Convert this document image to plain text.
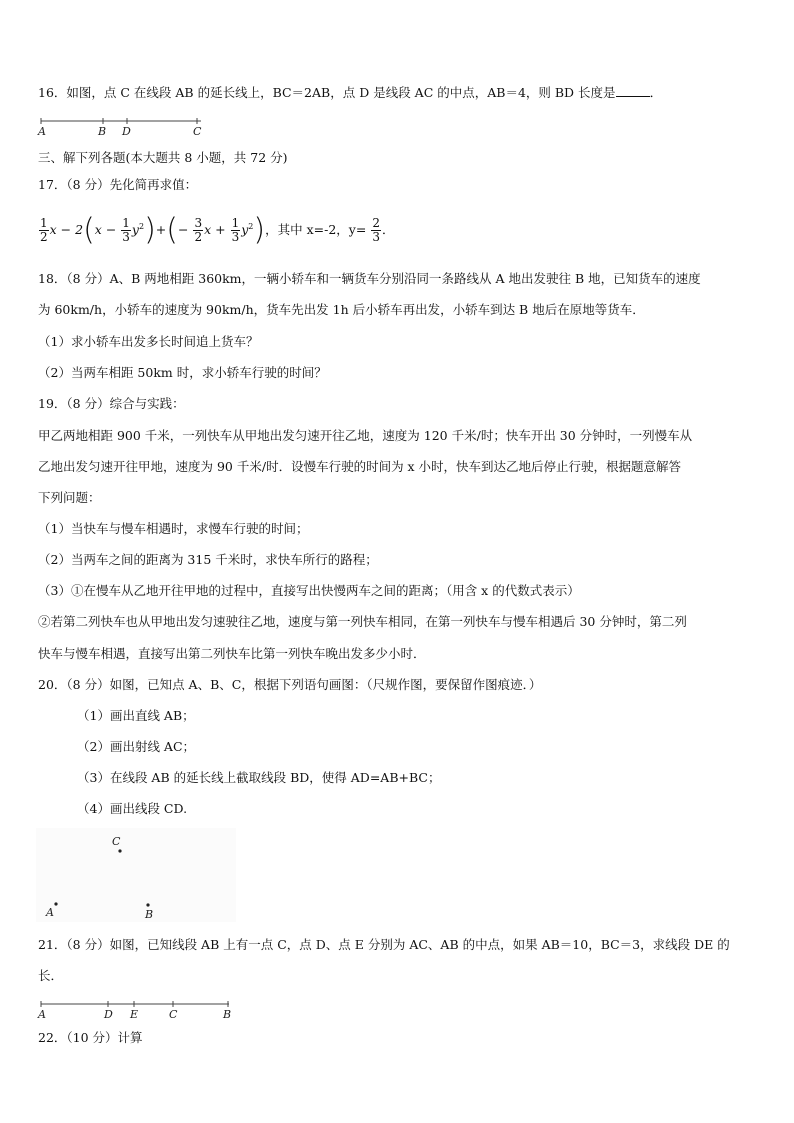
16．如图，点 C 在线段 AB 的延长线上，BC＝2AB，点 D 是线段 AC 的中点，AB＝4，则 BD 长度是	．
A	B D	C
三、解下列各题(本大题共 8 小题，共 72 分)
17．（8 分）先化简再求值：
$\frac{1}{2}$ $x - 2(x - \frac{1}{3} y^2)+(- \frac{3}{2}$ $x + \frac{1}{3} y^2$)，其中 x=-2，$y= \frac{2}{3}$ ．
18．（8 分）A、B 两地相距 360km，一辆小轿车和一辆货车分别沿同一条路线从 A 地出发驶往 B 地，已知货车的速度
为 60km/h，小轿车的速度为 90km/h，货车先出发 1h 后小轿车再出发，小轿车到达 B 地后在原地等货车．
（1）求小轿车出发多长时间追上货车？
（2）当两车相距 50km 时，求小轿车行驶的时间？
19．（8 分）综合与实践：
甲乙两地相距 900 千米，一列快车从甲地出发匀速开往乙地，速度为 120 千米/时；快车开出 30 分钟时，一列慢车从
乙地出发匀速开往甲地，速度为 90 千米/时．设慢车行驶的时间为 x 小时，快车到达乙地后停止行驶，根据题意解答
下列问题：
（1）当快车与慢车相遇时，求慢车行驶的时间；
（2）当两车之间的距离为 315 千米时，求快车所行的路程；
（3）①在慢车从乙地开往甲地的过程中，直接写出快慢两车之间的距离；（用含 x 的代数式表示）
②若第二列快车也从甲地出发匀速驶往乙地，速度与第一列快车相同，在第一列快车与慢车相遇后 30 分钟时，第二列
快车与慢车相遇，直接写出第二列快车比第一列快车晚出发多少小时．
20．（8 分）如图，已知点 A、B、C，根据下列语句画图：（尺规作图，要保留作图痕迹．）
（1）画出直线 AB；
（2）画出射线 AC；
（3）在线段 AB 的延长线上截取线段 BD，使得 AD=AB+BC；
（4）画出线段 CD.
A	B
C
21．（8 分）如图，已知线段 AB 上有一点 C，点 D、点 E 分别为 AC、AB 的中点，如果 AB＝10，BC＝3，求线段 DE 的
长．
A	D E	C	B
22．（10 分）计算
